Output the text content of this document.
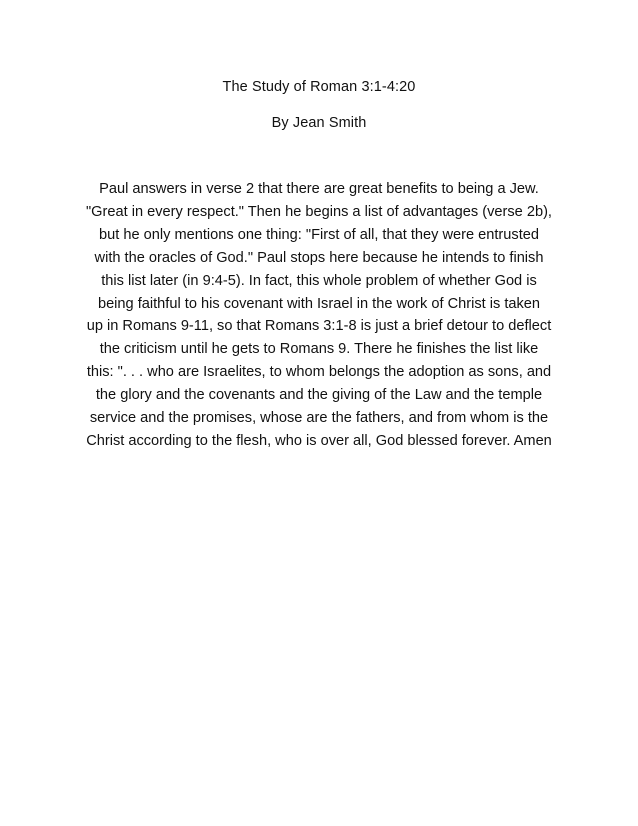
The Study of Roman 3:1-4:20
By Jean Smith

Paul answers in verse 2 that there are great benefits to being a Jew.
"Great in every respect." Then he begins a list of advantages (verse 2b),
but he only mentions one thing: "First of all, that they were entrusted
with the oracles of God." Paul stops here because he intends to finish
this list later (in 9:4-5). In fact, this whole problem of whether God is
being faithful to his covenant with Israel in the work of Christ is taken
up in Romans 9-11, so that Romans 3:1-8 is just a brief detour to deflect
the criticism until he gets to Romans 9. There he finishes the list like
this: ". . . who are Israelites, to whom belongs the adoption as sons, and
the glory and the covenants and the giving of the Law and the temple
service and the promises, whose are the fathers, and from whom is the
Christ according to the flesh, who is over all, God blessed forever. Amen
